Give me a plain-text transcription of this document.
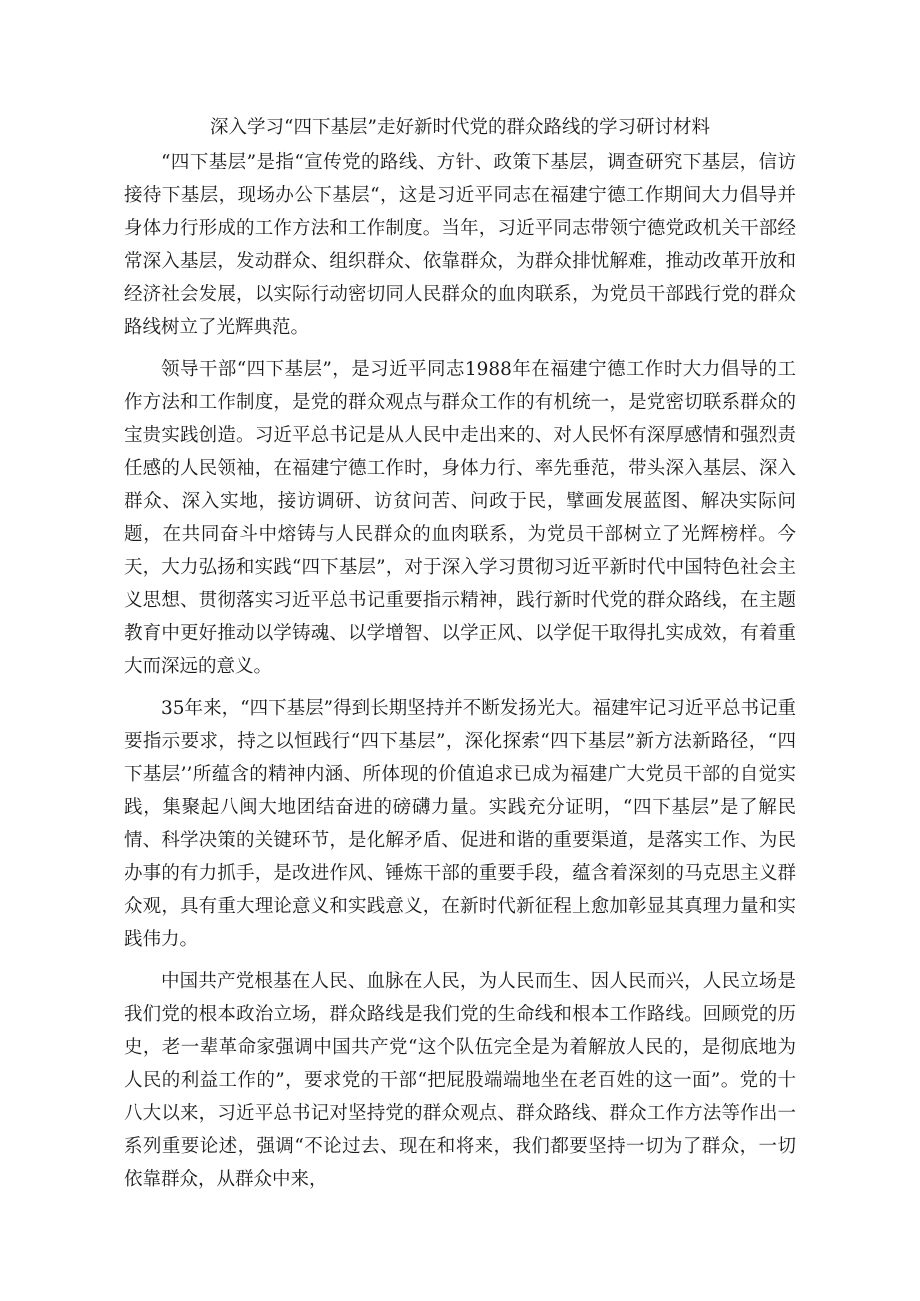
深入学习“四下基层”走好新时代党的群众路线的学习研讨材料

“四下基层”是指“宣传党的路线、方针、政策下基层，调查研究下基层，信访接待下基层，现场办公下基层“，这是习近平同志在福建宁德工作期间大力倡导并身体力行形成的工作方法和工作制度。当年，习近平同志带领宁德党政机关干部经常深入基层，发动群众、组织群众、依靠群众，为群众排忧解难，推动改革开放和经济社会发展，以实际行动密切同人民群众的血肉联系，为党员干部践行党的群众路线树立了光辉典范。

领导干部“四下基层”，是习近平同志1988年在福建宁德工作时大力倡导的工作方法和工作制度，是党的群众观点与群众工作的有机统一，是党密切联系群众的宝贵实践创造。习近平总书记是从人民中走出来的、对人民怀有深厚感情和强烈责任感的人民领袖，在福建宁德工作时，身体力行、率先垂范，带头深入基层、深入群众、深入实地，接访调研、访贫问苦、问政于民，擘画发展蓝图、解决实际问题，在共同奋斗中熔铸与人民群众的血肉联系，为党员干部树立了光辉榜样。今天，大力弘扬和实践“四下基层”，对于深入学习贯彻习近平新时代中国特色社会主义思想、贯彻落实习近平总书记重要指示精神，践行新时代党的群众路线，在主题教育中更好推动以学铸魂、以学增智、以学正风、以学促干取得扎实成效，有着重大而深远的意义。

35年来，“四下基层”得到长期坚持并不断发扬光大。福建牢记习近平总书记重要指示要求，持之以恒践行“四下基层”，深化探索“四下基层”新方法新路径，“四下基层’’所蕴含的精神内涵、所体现的价值追求已成为福建广大党员干部的自觉实践，集聚起八闽大地团结奋进的磅礴力量。实践充分证明，“四下基层”是了解民情、科学决策的关键环节，是化解矛盾、促进和谐的重要渠道，是落实工作、为民办事的有力抓手，是改进作风、锤炼干部的重要手段，蕴含着深刻的马克思主义群众观，具有重大理论意义和实践意义，在新时代新征程上愈加彰显其真理力量和实践伟力。

中国共产党根基在人民、血脉在人民，为人民而生、因人民而兴，人民立场是我们党的根本政治立场，群众路线是我们党的生命线和根本工作路线。回顾党的历史，老一辈革命家强调中国共产党“这个队伍完全是为着解放人民的，是彻底地为人民的利益工作的”，要求党的干部“把屁股端端地坐在老百姓的这一面”。党的十八大以来，习近平总书记对坚持党的群众观点、群众路线、群众工作方法等作出一系列重要论述，强调“不论过去、现在和将来，我们都要坚持一切为了群众，一切依靠群众，从群众中来，
